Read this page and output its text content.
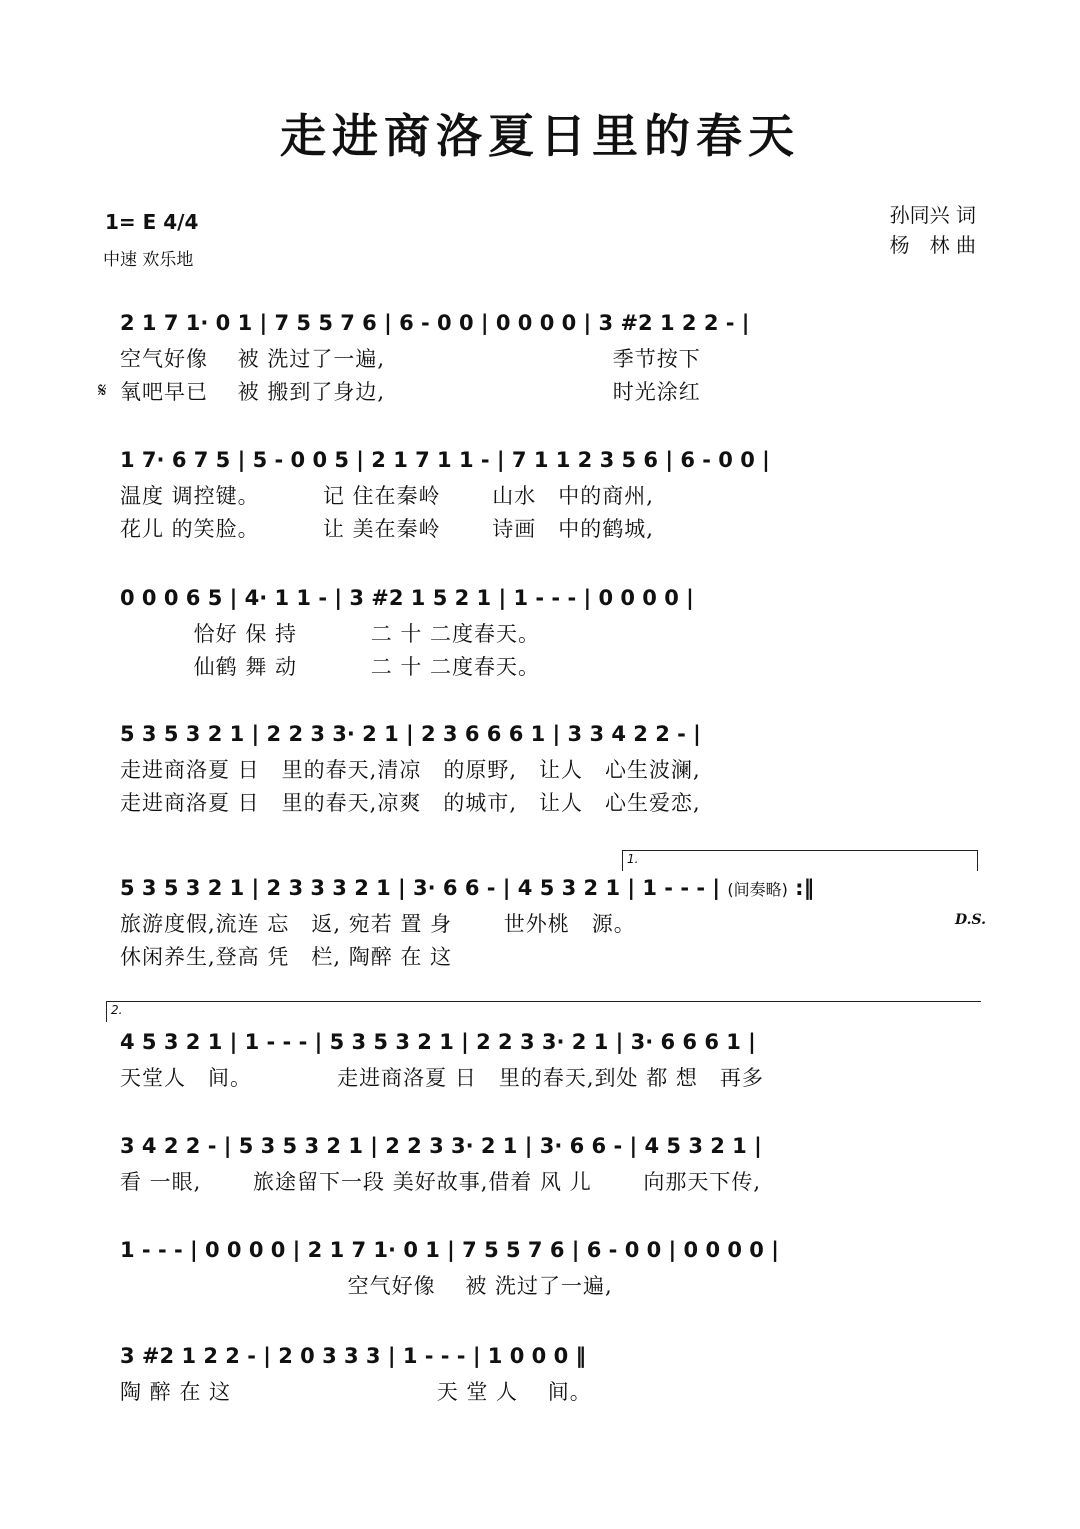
走进商洛夏日里的春天
1= E 4/4
中速 欢乐地
孙同兴 词
杨　林 曲
2 1 7 1· 0 1 | 7 5 5 7 6 | 6 - 0 0 | 0 0 0 0 | 3 #2 1 2 2 - |
空气好像　 被 洗过了一遍,　　　　　　　　　　 季节按下
氧吧早已　 被 搬到了身边,　　　　　　　　　　 时光涂红
𝄋
1 7· 6 7 5 | 5 - 0 0 5 | 2 1 7 1 1 - | 7 1 1 2 3 5 6 | 6 - 0 0 |
温度 调控键。　　　 记 住在秦岭　　 山水　中的商州,
花儿 的笑脸。　　　 让 美在秦岭　　 诗画　中的鹤城,
0 0 0 6 5 | 4· 1 1 - | 3 #2 1 5 2 1 | 1 - - - | 0 0 0 0 |
　　　 恰好 保 持　　　 二 十 二度春天。
　　　 仙鹤 舞 动　　　 二 十 二度春天。
5 3 5 3 2 1 | 2 2 3 3· 2 1 | 2 3 6 6 6 1 | 3 3 4 2 2 - |
走进商洛夏 日　里的春天,清凉　的原野,　让人　心生波澜,
走进商洛夏 日　里的春天,凉爽　的城市,　让人　心生爱恋,
1.
5 3 5 3 2 1 | 2 3 3 3 2 1 | 3· 6 6 - | 4 5 3 2 1 | 1 - - - | (间奏略) :‖
旅游度假,流连 忘　返, 宛若 置 身　　 世外桃　源。
休闲养生,登高 凭　栏, 陶醉 在 这
D.S.
2.
4 5 3 2 1 | 1 - - - | 5 3 5 3 2 1 | 2 2 3 3· 2 1 | 3· 6 6 6 1 |
天堂人　间。　　　　 走进商洛夏 日　里的春天,到处 都 想　再多
3 4 2 2 - | 5 3 5 3 2 1 | 2 2 3 3· 2 1 | 3· 6 6 - | 4 5 3 2 1 |
看 一眼,　　 旅途留下一段 美好故事,借着 风 儿　　 向那天下传,
1 - - - | 0 0 0 0 | 2 1 7 1· 0 1 | 7 5 5 7 6 | 6 - 0 0 | 0 0 0 0 |
　　　　　　　　　　 空气好像　 被 洗过了一遍,
3 #2 1 2 2 - | 2 0 3 3 3 | 1 - - - | 1 0 0 0 ‖
陶 醉 在 这　　　　　　　　　 天 堂 人　 间。
